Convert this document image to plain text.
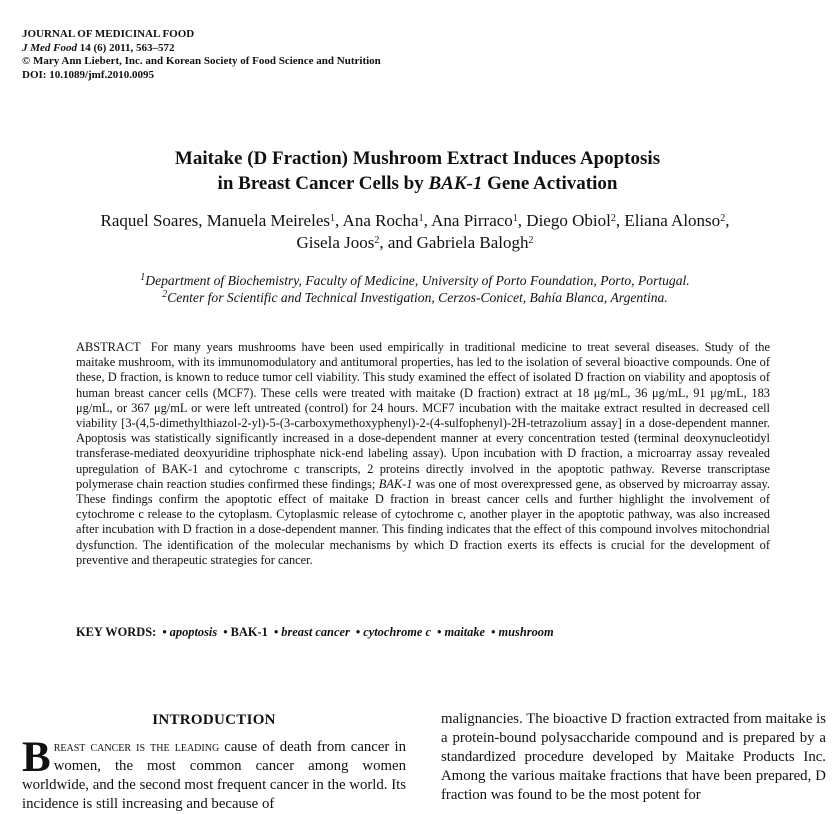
JOURNAL OF MEDICINAL FOOD
J Med Food 14 (6) 2011, 563–572
© Mary Ann Liebert, Inc. and Korean Society of Food Science and Nutrition
DOI: 10.1089/jmf.2010.0095
Maitake (D Fraction) Mushroom Extract Induces Apoptosis
in Breast Cancer Cells by BAK-1 Gene Activation
Raquel Soares, Manuela Meireles$^1$, Ana Rocha$^1$, Ana Pirraco$^1$, Diego Obiol$^2$, Eliana Alonso$^2$,
Gisela Joos$^2$, and Gabriela Balogh$^2$
$^1$Department of Biochemistry, Faculty of Medicine, University of Porto Foundation, Porto, Portugal.
$^2$Center for Scientific and Technical Investigation, Cerzos-Conicet, Bahía Blanca, Argentina.
ABSTRACT For many years mushrooms have been used empirically in traditional medicine to treat several diseases. Study of the maitake mushroom, with its immunomodulatory and antitumoral properties, has led to the isolation of several bioactive compounds. One of these, D fraction, is known to reduce tumor cell viability. This study examined the effect of isolated D fraction on viability and apoptosis of human breast cancer cells (MCF7). These cells were treated with maitake (D fraction) extract at 18 μg/mL, 36 μg/mL, 91 μg/mL, 183 μg/mL, or 367 μg/mL or were left untreated (control) for 24 hours. MCF7 incubation with the maitake extract resulted in decreased cell viability [3-(4,5-dimethylthiazol-2-yl)-5-(3-carboxymethoxyphenyl)-2-(4-sulfophenyl)-2H-tetrazolium assay] in a dose-dependent manner. Apoptosis was statistically significantly increased in a dose-dependent manner at every concentration tested (terminal deoxynucleotidyl transferase-mediated deoxyuridine triphosphate nick-end labeling assay). Upon incubation with D fraction, a microarray assay revealed upregulation of BAK-1 and cytochrome c transcripts, 2 proteins directly involved in the apoptotic pathway. Reverse transcriptase polymerase chain reaction studies confirmed these findings; BAK-1 was one of most overexpressed gene, as observed by microarray assay. These findings confirm the apoptotic effect of maitake D fraction in breast cancer cells and further highlight the involvement of cytochrome c release to the cytoplasm. Cytoplasmic release of cytochrome c, another player in the apoptotic pathway, was also increased after incubation with D fraction in a dose-dependent manner. This finding indicates that the effect of this compound involves mitochondrial dysfunction. The identification of the molecular mechanisms by which D fraction exerts its effects is crucial for the development of preventive and therapeutic strategies for cancer.
KEY WORDS: • apoptosis • BAK-1 • breast cancer • cytochrome c • maitake • mushroom
INTRODUCTION
Breast cancer is the leading cause of death from cancer in women, the most common cancer among women worldwide, and the second most frequent cancer in the world. Its incidence is still increasing and because of
malignancies. The bioactive D fraction extracted from maitake is a protein-bound polysaccharide compound and is prepared by a standardized procedure developed by Maitake Products Inc. Among the various maitake fractions that have been prepared, D fraction was found to be the most potent for
